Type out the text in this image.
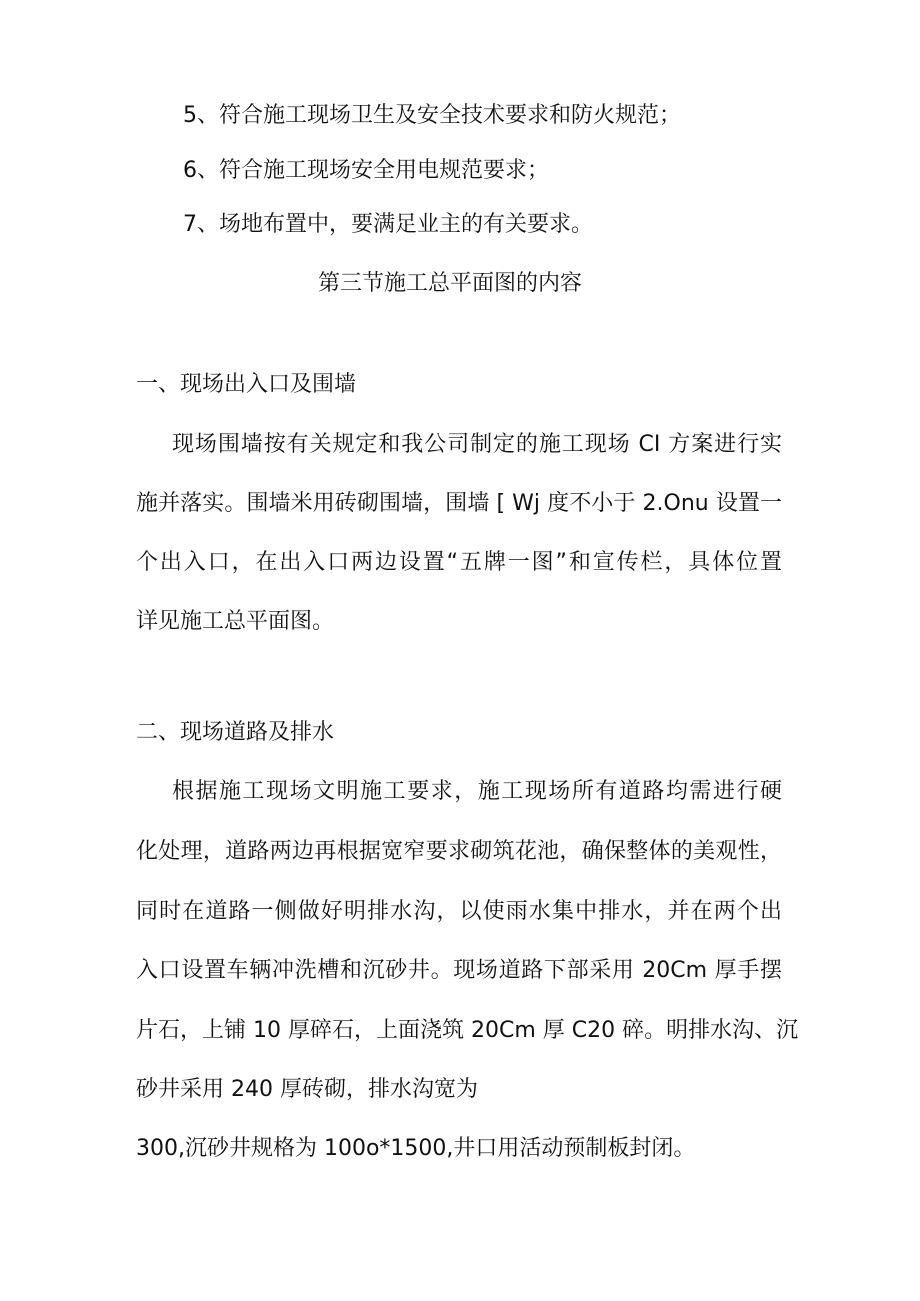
5、符合施工现场卫生及安全技术要求和防火规范；

6、符合施工现场安全用电规范要求；

7、场地布置中，要满足业主的有关要求。

第三节施工总平面图的内容

一、现场出入口及围墙

现场围墙按有关规定和我公司制定的施工现场 CI 方案进行实

施并落实。围墙米用砖砌围墙，围墙 [ Wj 度不小于 2.Onu 设置一

个出入口，在出入口两边设置“五牌一图”和宣传栏，具体位置

详见施工总平面图。

二、现场道路及排水

根据施工现场文明施工要求，施工现场所有道路均需进行硬

化处理，道路两边再根据宽窄要求砌筑花池，确保整体的美观性，

同时在道路一侧做好明排水沟，以使雨水集中排水，并在两个出

入口设置车辆冲洗槽和沉砂井。现场道路下部采用 20Cm 厚手摆

片石，上铺 10 厚碎石，上面浇筑 20Cm 厚 C20 碎。明排水沟、沉

砂井采用 240 厚砖砌，排水沟宽为

300,沉砂井规格为 100o*1500,井口用活动预制板封闭。
